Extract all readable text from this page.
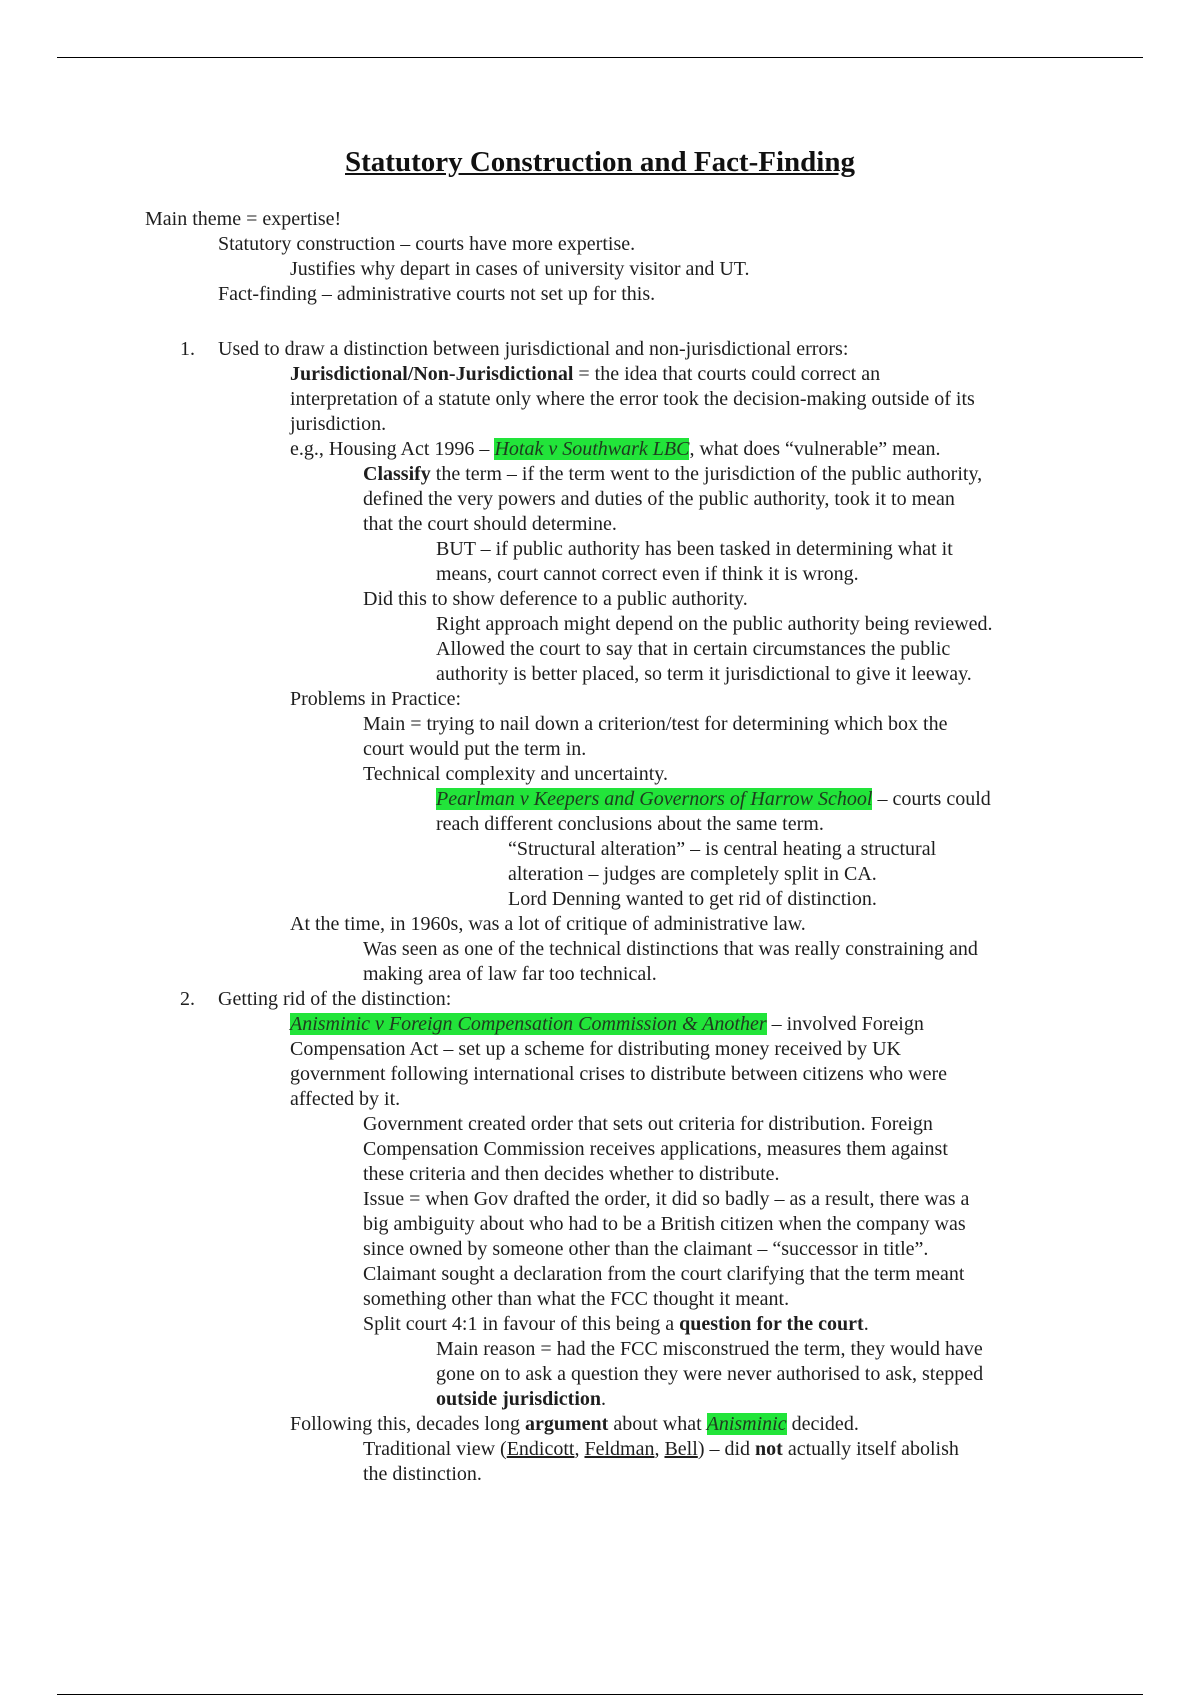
Statutory Construction and Fact-Finding
Main theme = expertise!
Statutory construction – courts have more expertise.
Justifies why depart in cases of university visitor and UT.
Fact-finding – administrative courts not set up for this.
1. Used to draw a distinction between jurisdictional and non-jurisdictional errors:
Jurisdictional/Non-Jurisdictional = the idea that courts could correct an
interpretation of a statute only where the error took the decision-making outside of its
jurisdiction.
e.g., Housing Act 1996 – Hotak v Southwark LBC, what does “vulnerable” mean.
Classify the term – if the term went to the jurisdiction of the public authority,
defined the very powers and duties of the public authority, took it to mean
that the court should determine.
BUT – if public authority has been tasked in determining what it
means, court cannot correct even if think it is wrong.
Did this to show deference to a public authority.
Right approach might depend on the public authority being reviewed.
Allowed the court to say that in certain circumstances the public
authority is better placed, so term it jurisdictional to give it leeway.
Problems in Practice:
Main = trying to nail down a criterion/test for determining which box the
court would put the term in.
Technical complexity and uncertainty.
Pearlman v Keepers and Governors of Harrow School – courts could
reach different conclusions about the same term.
“Structural alteration” – is central heating a structural
alteration – judges are completely split in CA.
Lord Denning wanted to get rid of distinction.
At the time, in 1960s, was a lot of critique of administrative law.
Was seen as one of the technical distinctions that was really constraining and
making area of law far too technical.
2. Getting rid of the distinction:
Anisminic v Foreign Compensation Commission & Another – involved Foreign
Compensation Act – set up a scheme for distributing money received by UK
government following international crises to distribute between citizens who were
affected by it.
Government created order that sets out criteria for distribution. Foreign
Compensation Commission receives applications, measures them against
these criteria and then decides whether to distribute.
Issue = when Gov drafted the order, it did so badly – as a result, there was a
big ambiguity about who had to be a British citizen when the company was
since owned by someone other than the claimant – “successor in title”.
Claimant sought a declaration from the court clarifying that the term meant
something other than what the FCC thought it meant.
Split court 4:1 in favour of this being a question for the court.
Main reason = had the FCC misconstrued the term, they would have
gone on to ask a question they were never authorised to ask, stepped
outside jurisdiction.
Following this, decades long argument about what Anisminic decided.
Traditional view (Endicott, Feldman, Bell) – did not actually itself abolish
the distinction.
